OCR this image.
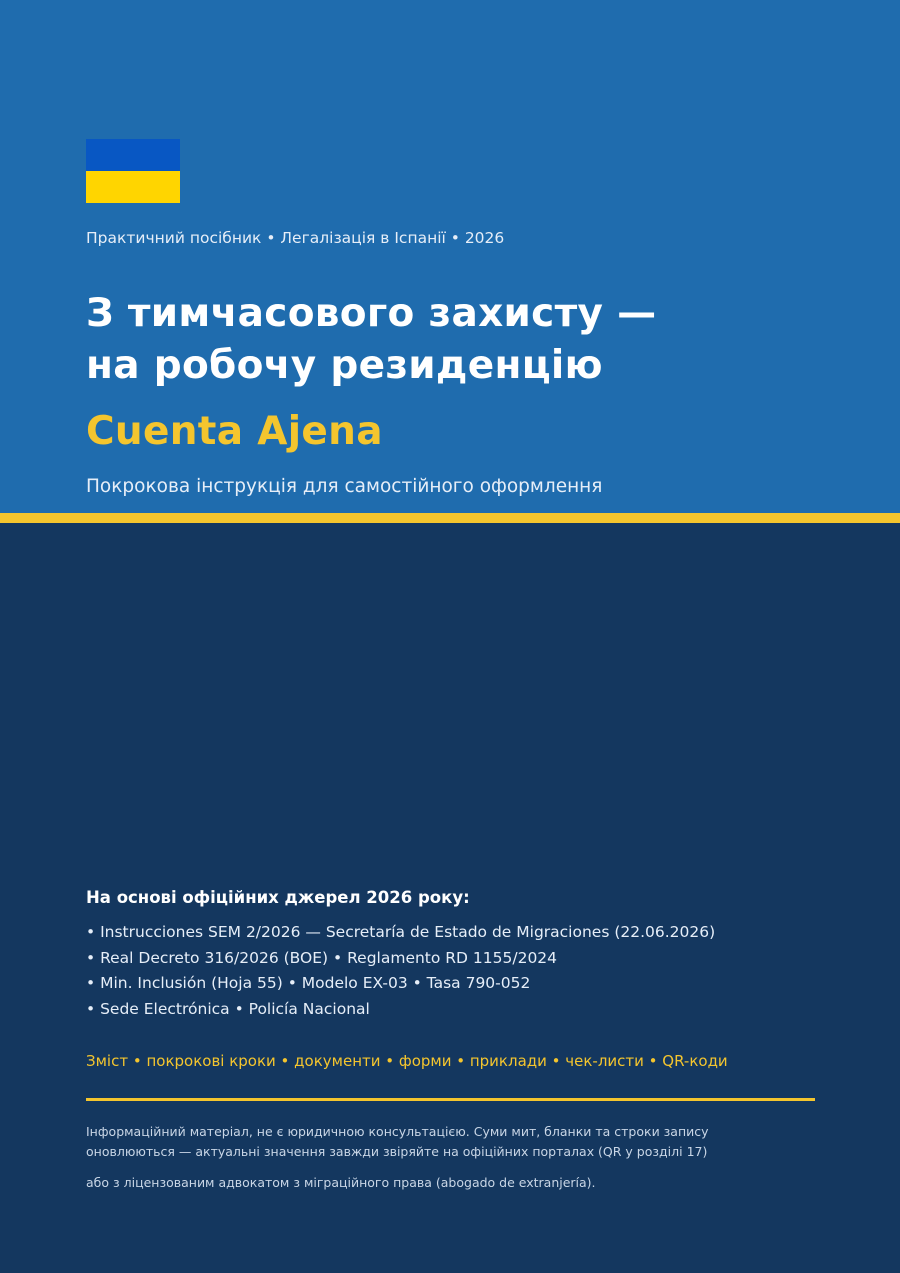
Практичний посібник • Легалізація в Іспанії • 2026
З тимчасового захисту —
на робочу резиденцію
Cuenta Ajena
Покрокова інструкція для самостійного оформлення
На основі офіційних джерел 2026 року:
• Instrucciones SEM 2/2026 — Secretaría de Estado de Migraciones (22.06.2026)
• Real Decreto 316/2026 (BOE) • Reglamento RD 1155/2024
• Min. Inclusión (Hoja 55) • Modelo EX-03 • Tasa 790-052
• Sede Electrónica • Policía Nacional
Зміст • покрокові кроки • документи • форми • приклади • чек-листи • QR-коди
Інформаційний матеріал, не є юридичною консультацією. Суми мит, бланки та строки запису оновлюються — актуальні значення завжди звіряйте на офіційних порталах (QR у розділі 17)
або з ліцензованим адвокатом з міграційного права (abogado de extranjería).
